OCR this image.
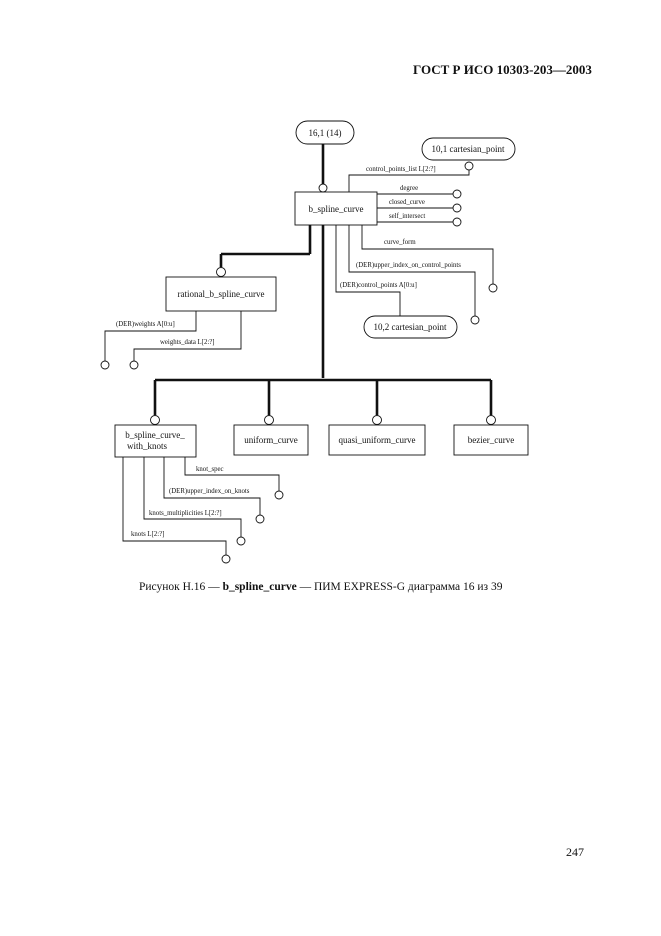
ГОСТ Р ИСО 10303-203—2003
16,1 (14)
10,1 cartesian_point
10,2 cartesian_point
b_spline_curve
rational_b_spline_curve
b_spline_curve_
with_knots
uniform_curve	quasi_uniform_curve	bezier_curve
control_points_list L[2:?]
degree
closed_curve
self_intersect
curve_form
(DER)upper_index_on_control_points
(DER)control_points A[0:u]
(DER)weights A[0:u]
weights_data L[2:?]
knot_spec
(DER)upper_index_on_knots
knots_multiplicities L[2:?]
knots L[2:?]
Рисунок Н.16 — b_spline_curve — ПИМ EXPRESS-G диаграмма 16 из 39
247
